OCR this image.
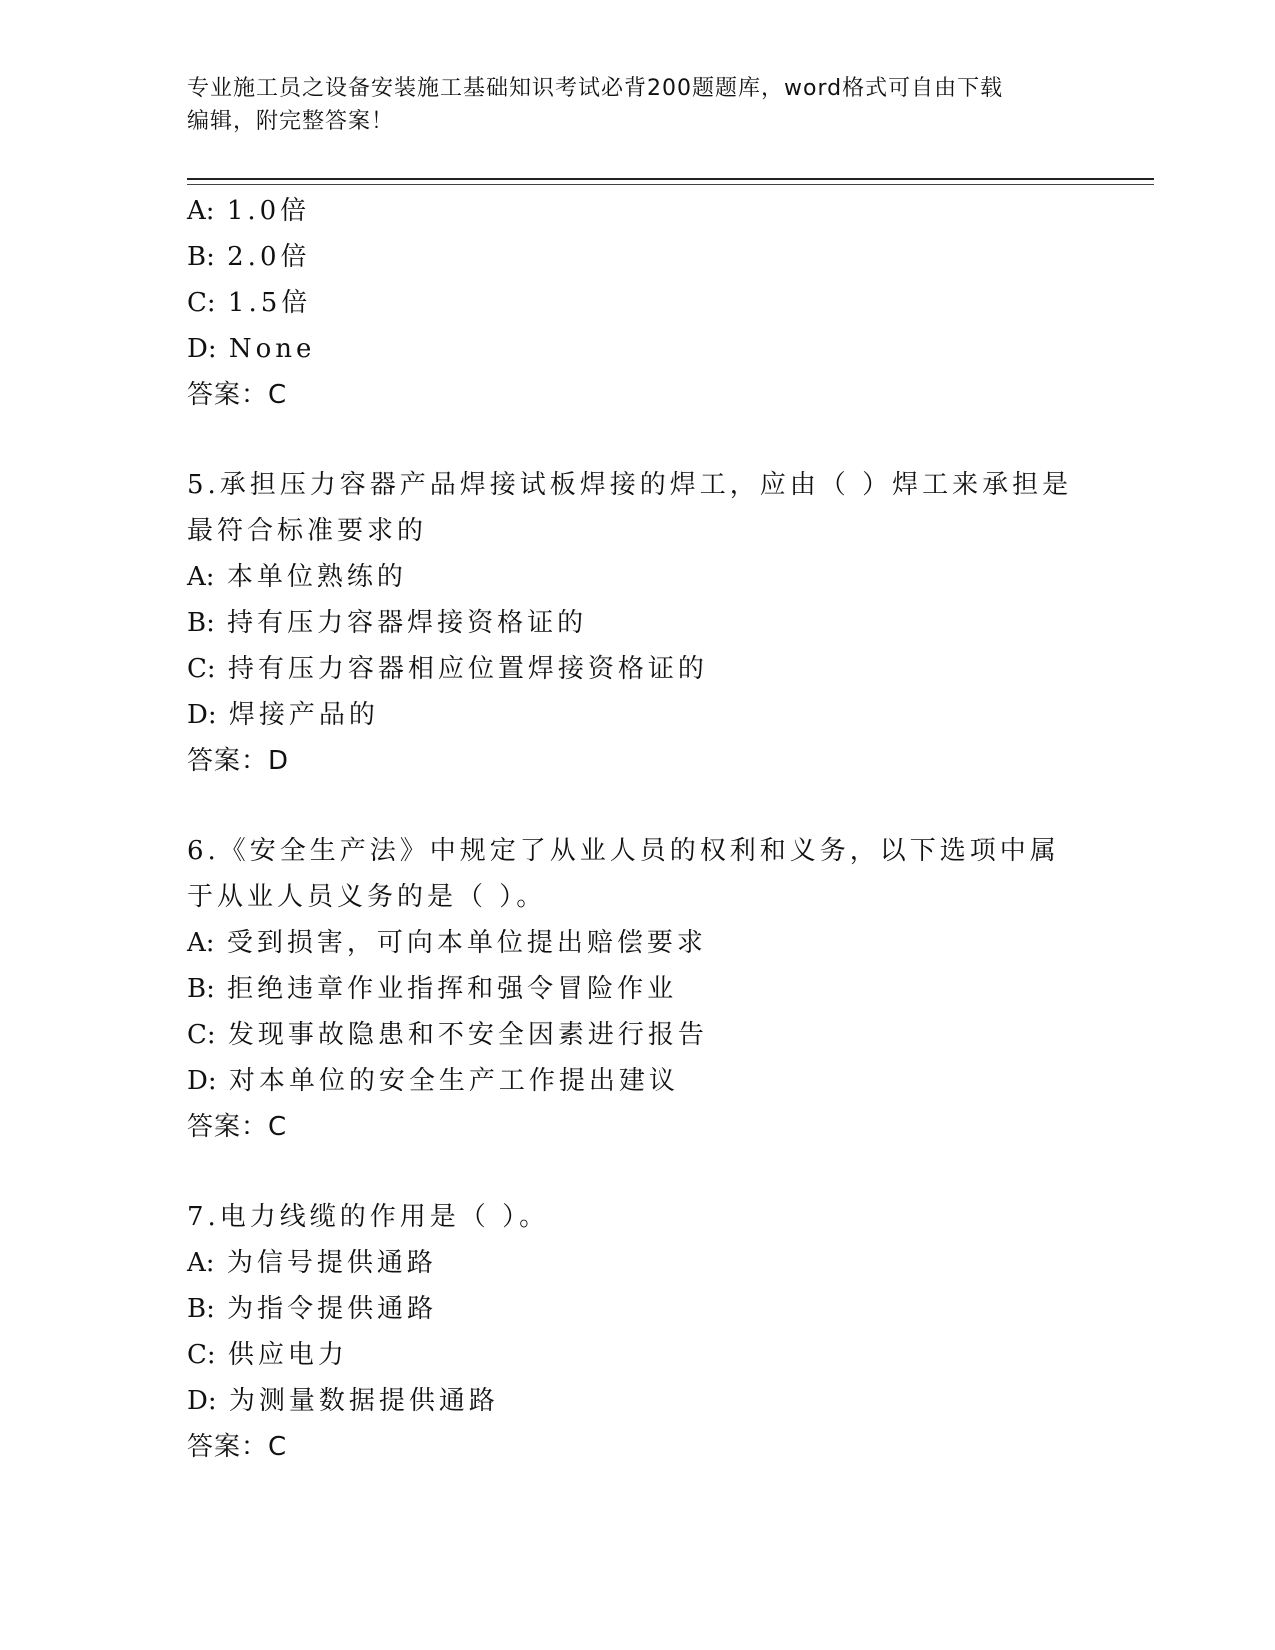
专业施工员之设备安装施工基础知识考试必背200题题库，word格式可自由下载
编辑，附完整答案！
A: 1.0倍
B: 2.0倍
C: 1.5倍
D: None
答案：C
5.承担压力容器产品焊接试板焊接的焊工，应由（ ）焊工来承担是最符合标准要求的
A: 本单位熟练的
B: 持有压力容器焊接资格证的
C: 持有压力容器相应位置焊接资格证的
D: 焊接产品的
答案：D
6.《安全生产法》中规定了从业人员的权利和义务，以下选项中属于从业人员义务的是（ ）。
A: 受到损害，可向本单位提出赔偿要求
B: 拒绝违章作业指挥和强令冒险作业
C: 发现事故隐患和不安全因素进行报告
D: 对本单位的安全生产工作提出建议
答案：C
7.电力线缆的作用是（ ）。
A: 为信号提供通路
B: 为指令提供通路
C: 供应电力
D: 为测量数据提供通路
答案：C
